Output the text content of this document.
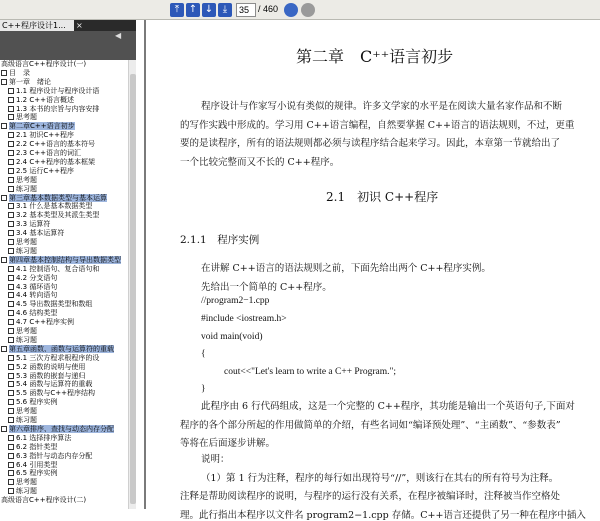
⤒ ↑ ↓ ⤓	35 / 460
C++程序设计1...	×
◀
高级语言C++程序设计(一)
目　录
第一章　绪论
1.1 程序设计与程序设计语
1.2 C++语言概述
1.3 本书的宗旨与内容安排
思考题
第二章C++语言初步
2.1 初识C++程序
2.2 C++语言的基本符号
2.3 C++语言的词汇
2.4 C++程序的基本框架
2.5 运行C++程序
思考题
练习题
第三章基本数据类型与基本运算
3.1 什么是基本数据类型
3.2 基本类型及其派生类型
3.3 运算符
3.4 基本运算符
思考题
练习题
第四章基本控制结构与导出数据类型
4.1 控制语句、复合语句和
4.2 分支语句
4.3 循环语句
4.4 转向语句
4.5 导出数据类型和数组
4.6 结构类型
4.7 C++程序实例
思考题
练习题
第五章函数、函数与运算符的重载
5.1 三次方程求根程序的设
5.2 函数的说明与使用
5.3 函数的嵌套与递归
5.4 函数与运算符的重载
5.5 函数与C++程序结构
5.6 程序实例
思考题
练习题
第六章排序、查找与动态内存分配
6.1 选择排序算法
6.2 指针类型
6.3 指针与动态内存分配
6.4 引用类型
6.5 程序实例
思考题
练习题
高级语言C++程序设计(二)
第二章　C⁺⁺语言初步
程序设计与作家写小说有类似的规律。许多文学家的水平是在阅读大量名家作品和不断
的写作实践中形成的。学习用 C++语言编程，自然要掌握 C++语言的语法规则，不过，更重
要的是读程序，所有的语法规则都必须与读程序结合起来学习。因此，本章第一节就给出了
一个比较完整而又不长的 C++程序。
2.1　初识 C++程序
2.1.1　程序实例
在讲解 C++语言的语法规则之前，下面先给出两个 C++程序实例。
先给出一个简单的 C++程序。
//program2−1.cpp
#include <iostream.h>
void main(void)
{
cout<<"Let's learn to write a C++ Program.";
}
此程序由 6 行代码组成，这是一个完整的 C++程序，其功能是输出一个英语句子,下面对
程序的各个部分所起的作用做简单的介绍，有些名词如“编译预处理”、“主函数”、“参数表”
等将在后面逐步讲解。
说明：
（1）第 1 行为注释，程序的每行如出现符号“//”，则该行在其右的所有符号为注释。
注释是帮助阅读程序的说明，与程序的运行没有关系，在程序被编译时，注释被当作空格处
理。此行指出本程序以文件名 program2−1.cpp 存储。C++语言还提供了另一种在程序中插入
